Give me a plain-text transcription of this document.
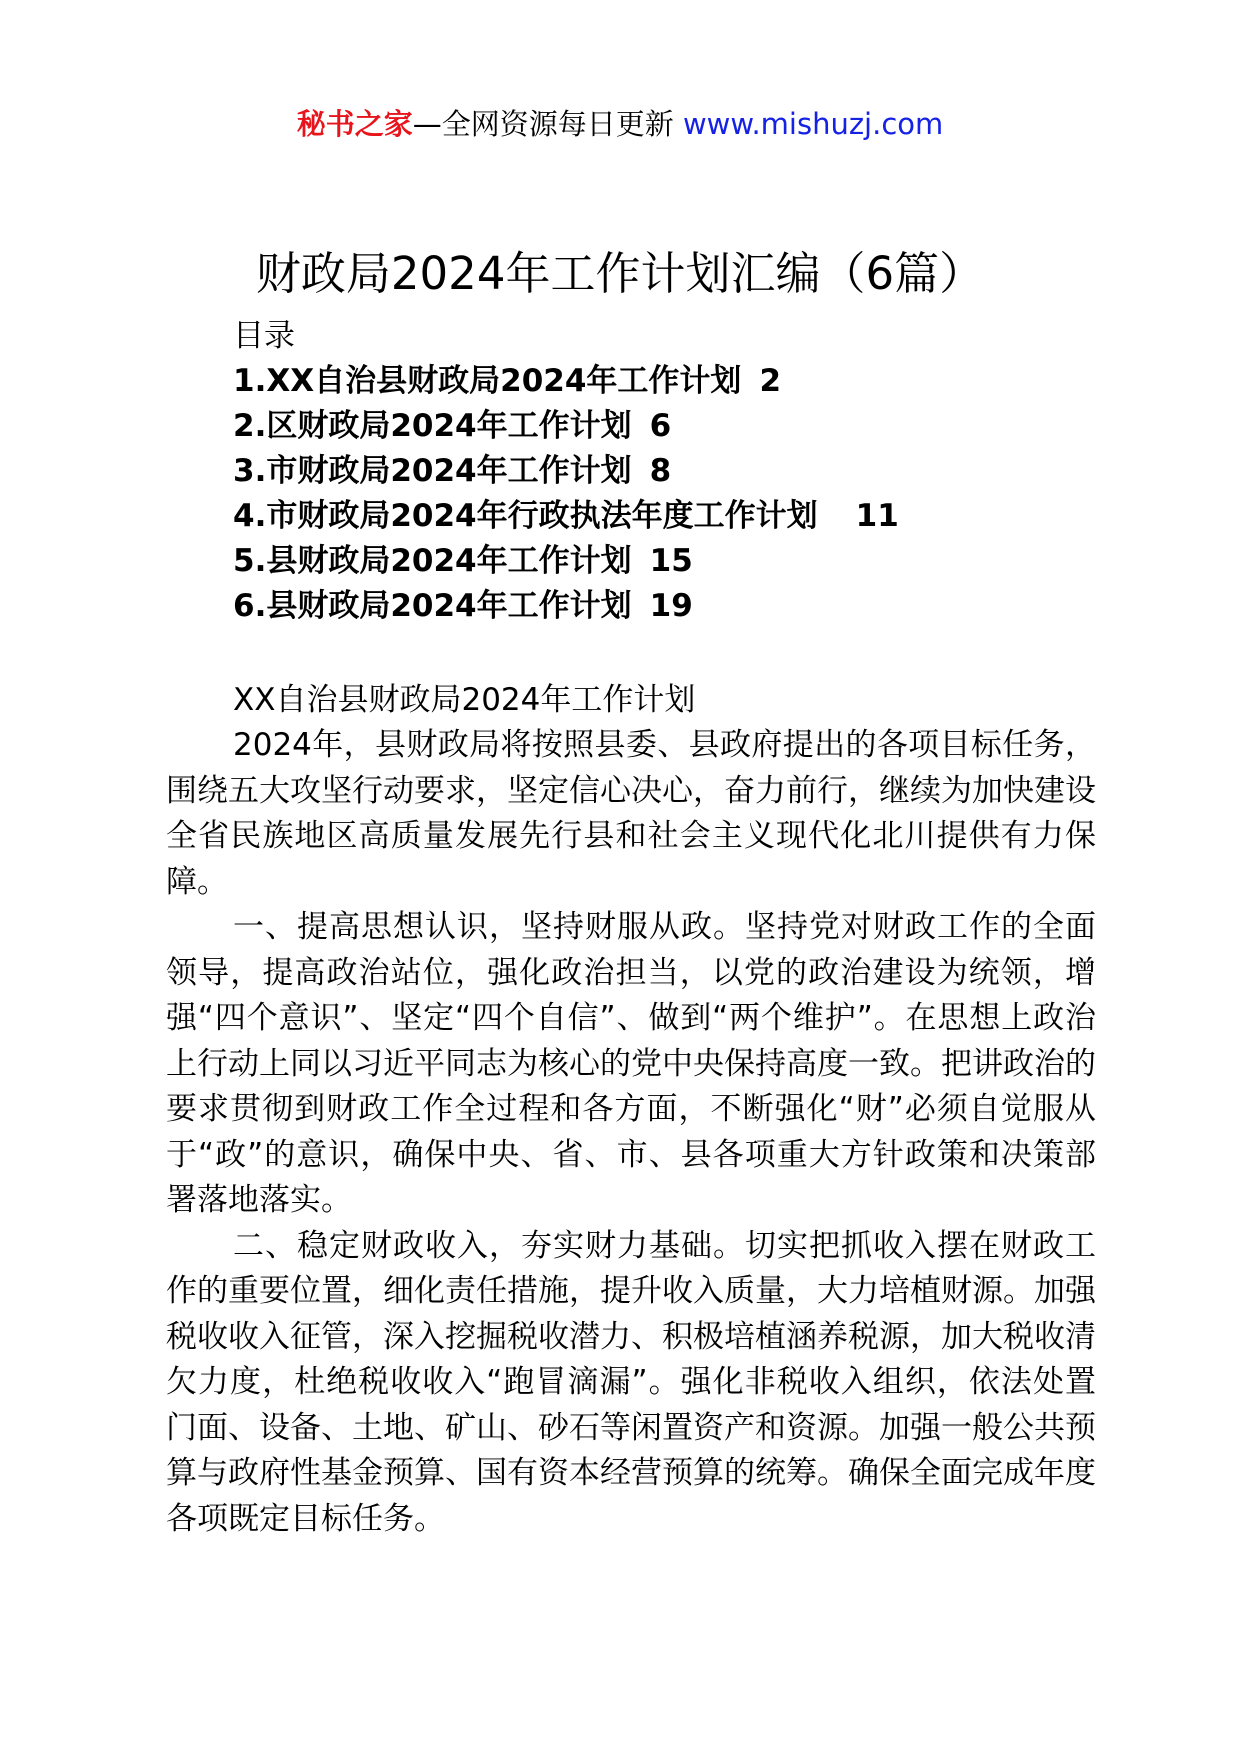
秘书之家—全网资源每日更新 www.mishuzj.com
财政局2024年工作计划汇编（6篇）
目录
1.XX自治县财政局2024年工作计划 2
2.区财政局2024年工作计划 6
3.市财政局2024年工作计划 8
4.市财政局2024年行政执法年度工作计划 11
5.县财政局2024年工作计划 15
6.县财政局2024年工作计划 19
XX自治县财政局2024年工作计划

2024年，县财政局将按照县委、县政府提出的各项目标任务，围绕五大攻坚行动要求，坚定信心决心，奋力前行，继续为加快建设全省民族地区高质量发展先行县和社会主义现代化北川提供有力保障。

一、提高思想认识，坚持财服从政。坚持党对财政工作的全面领导，提高政治站位，强化政治担当，以党的政治建设为统领，增强“四个意识”、坚定“四个自信”、做到“两个维护”。在思想上政治上行动上同以习近平同志为核心的党中央保持高度一致。把讲政治的要求贯彻到财政工作全过程和各方面，不断强化“财”必须自觉服从于“政”的意识，确保中央、省、市、县各项重大方针政策和决策部署落地落实。

二、稳定财政收入，夯实财力基础。切实把抓收入摆在财政工作的重要位置，细化责任措施，提升收入质量，大力培植财源。加强税收收入征管，深入挖掘税收潜力、积极培植涵养税源，加大税收清欠力度，杜绝税收收入“跑冒滴漏”。强化非税收入组织，依法处置门面、设备、土地、矿山、砂石等闲置资产和资源。加强一般公共预算与政府性基金预算、国有资本经营预算的统筹。确保全面完成年度各项既定目标任务。
